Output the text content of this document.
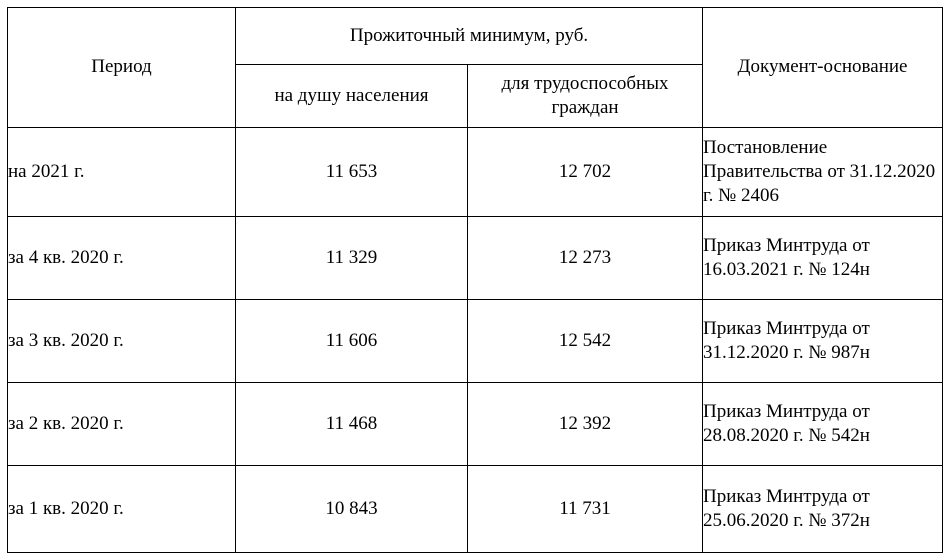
Период	Прожиточный минимум, руб.		Документ-основание
	на душу населения	для трудоспособных граждан	
на 2021 г.	11 653	12 702	Постановление Правительства от 31.12.2020 г. № 2406
за 4 кв. 2020 г.	11 329	12 273	Приказ Минтруда от 16.03.2021 г. № 124н
за 3 кв. 2020 г.	11 606	12 542	Приказ Минтруда от 31.12.2020 г. № 987н
за 2 кв. 2020 г.	11 468	12 392	Приказ Минтруда от 28.08.2020 г. № 542н
за 1 кв. 2020 г.	10 843	11 731	Приказ Минтруда от 25.06.2020 г. № 372н
